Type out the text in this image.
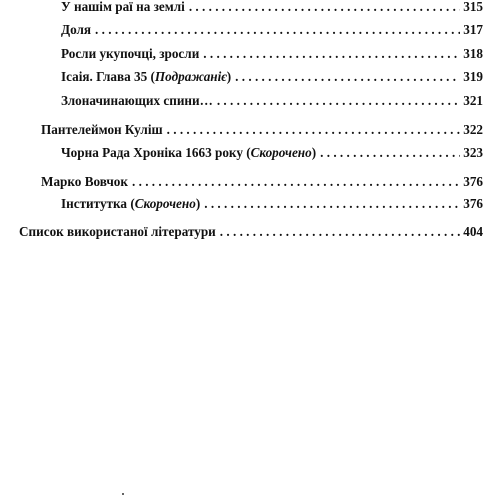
У нашім раї на землі . . .	315
Доля . . .	317
Росли укупочці, зросли . . .	318
Ісаія. Глава 35 (Подражаніє) . . .	319
Злоначинающих спини… . . .	321
Пантелеймон Куліш . . .	322
Чорна Рада Хроніка 1663 року (Скорочено) . . .	323
Марко Вовчок . . .	376
Інститутка (Скорочено) . . .	376
Список використаної літератури . . .	404
